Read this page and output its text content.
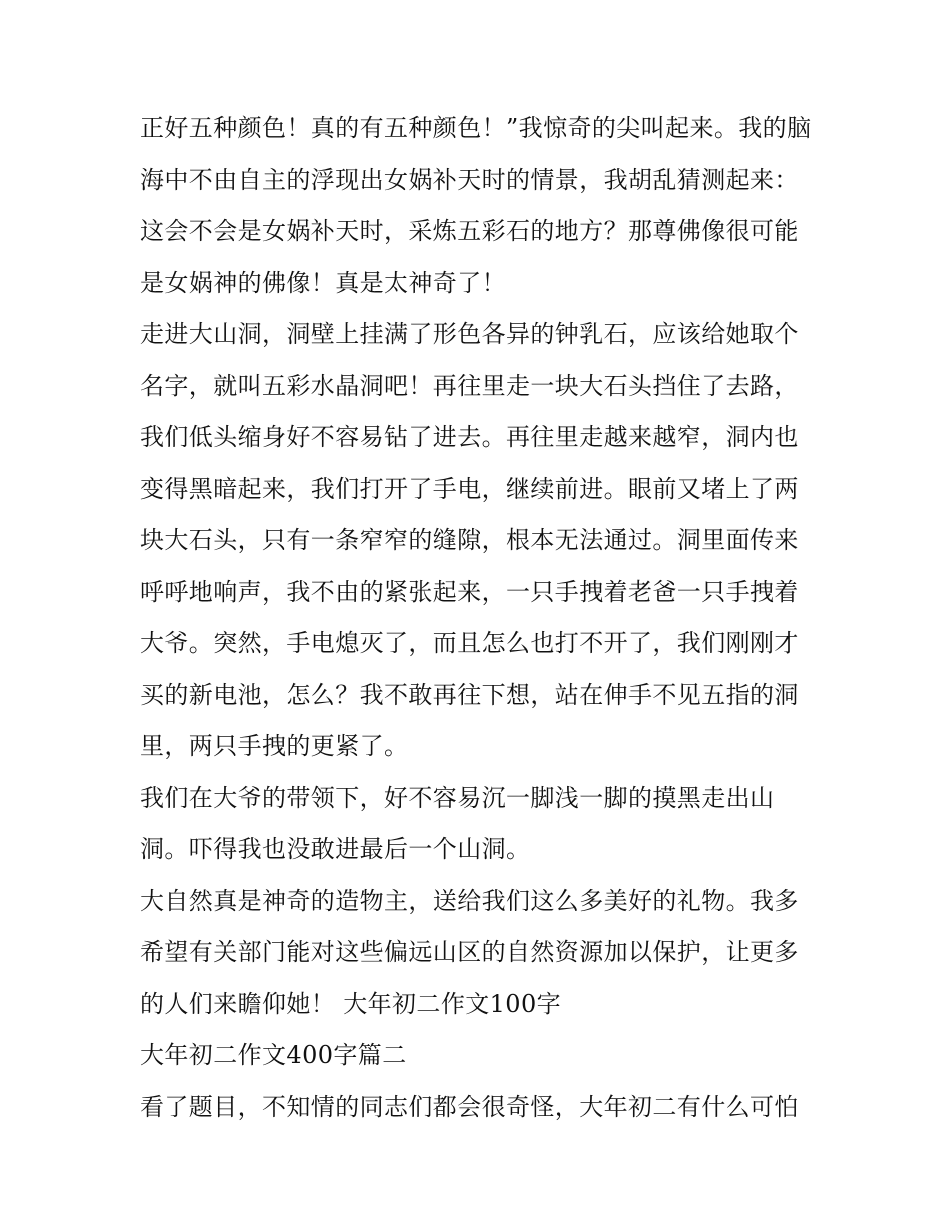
正好五种颜色！真的有五种颜色！”我惊奇的尖叫起来。我的脑海中不由自主的浮现出女娲补天时的情景，我胡乱猜测起来：这会不会是女娲补天时，采炼五彩石的地方？那尊佛像很可能是女娲神的佛像！真是太神奇了！

走进大山洞，洞壁上挂满了形色各异的钟乳石，应该给她取个名字，就叫五彩水晶洞吧！再往里走一块大石头挡住了去路，我们低头缩身好不容易钻了进去。再往里走越来越窄，洞内也变得黑暗起来，我们打开了手电，继续前进。眼前又堵上了两块大石头，只有一条窄窄的缝隙，根本无法通过。洞里面传来呼呼地响声，我不由的紧张起来，一只手拽着老爸一只手拽着大爷。突然，手电熄灭了，而且怎么也打不开了，我们刚刚才买的新电池，怎么？我不敢再往下想，站在伸手不见五指的洞里，两只手拽的更紧了。

我们在大爷的带领下，好不容易沉一脚浅一脚的摸黑走出山洞。吓得我也没敢进最后一个山洞。

大自然真是神奇的造物主，送给我们这么多美好的礼物。我多希望有关部门能对这些偏远山区的自然资源加以保护，让更多的人们来瞻仰她！ 大年初二作文100字

大年初二作文400字篇二

看了题目，不知情的同志们都会很奇怪，大年初二有什么可怕
